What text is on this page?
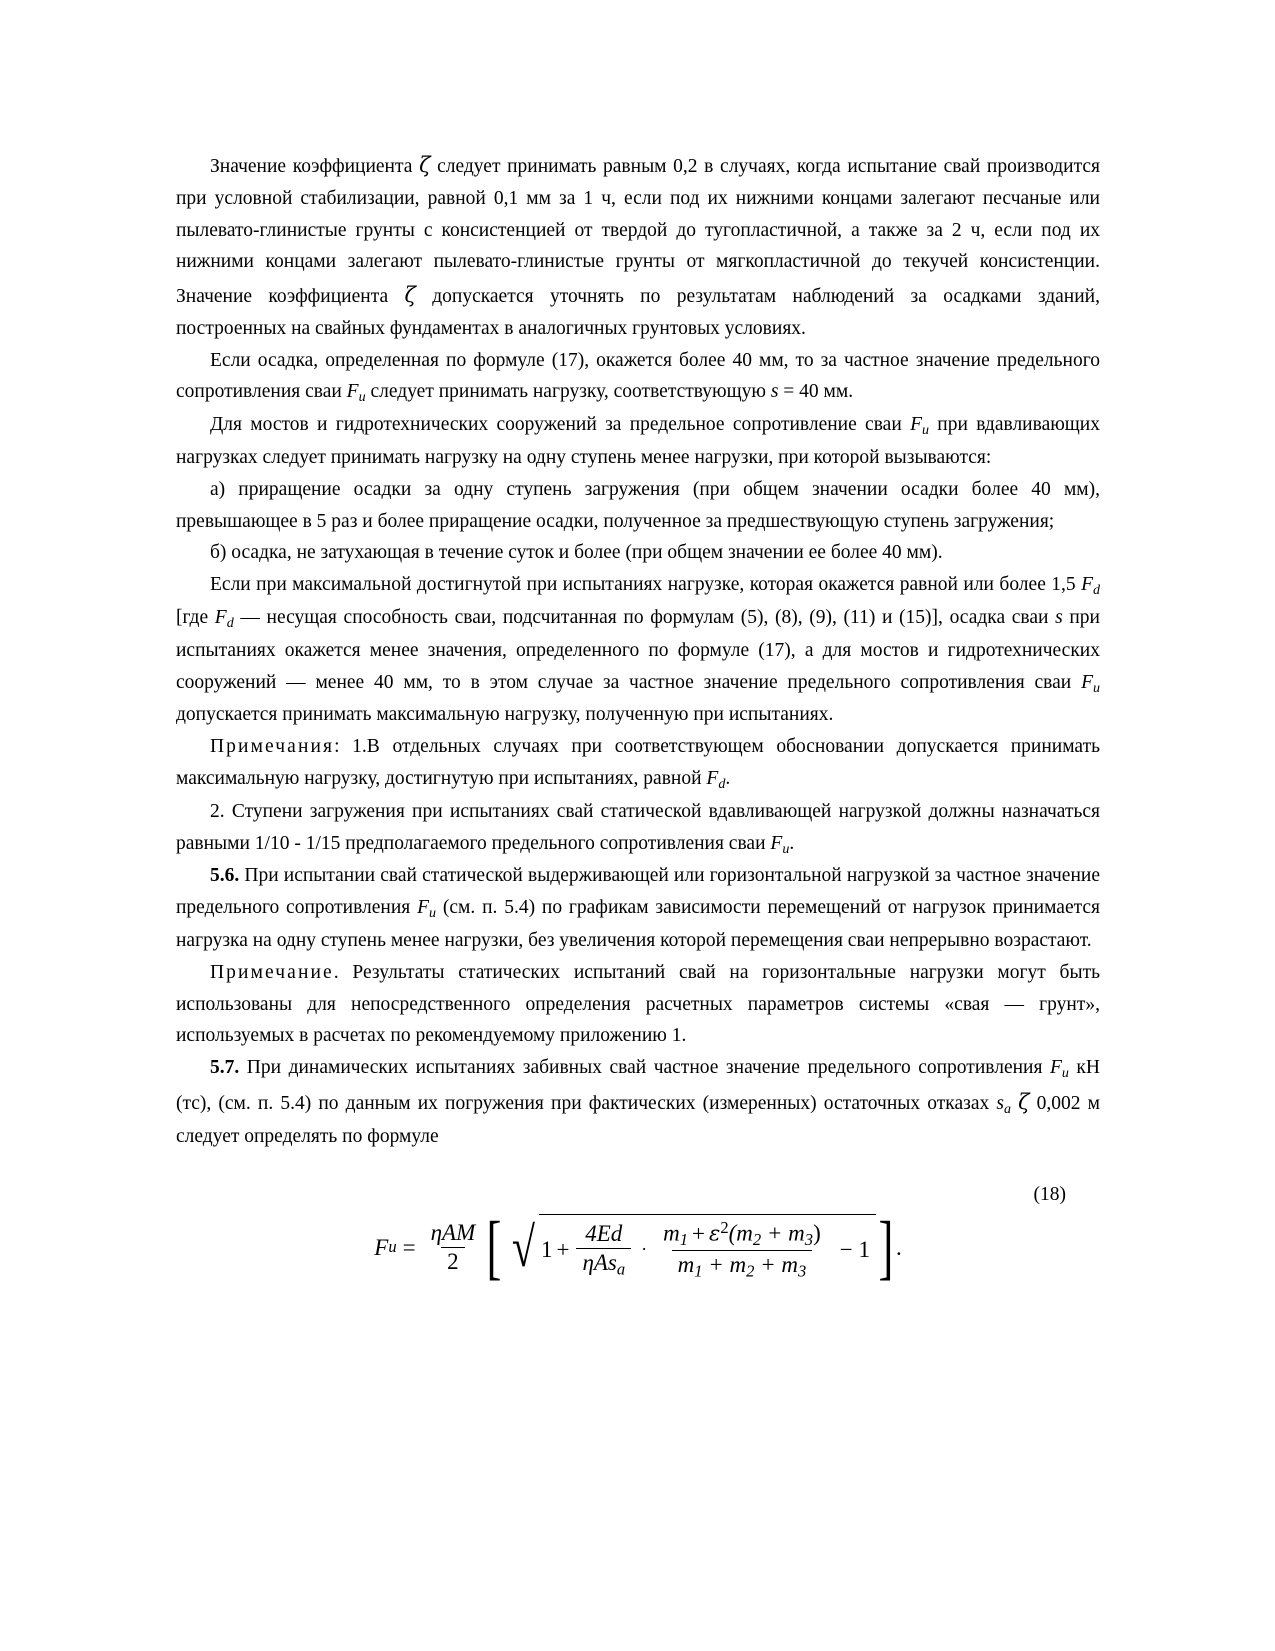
Значение коэффициента ζ следует принимать равным 0,2 в случаях, когда испытание свай производится при условной стабилизации, равной 0,1 мм за 1 ч, если под их нижними концами залегают песчаные или пылевато-глинистые грунты с консистенцией от твердой до тугопластичной, а также за 2 ч, если под их нижними концами залегают пылевато-глинистые грунты от мягкопластичной до текучей консистенции. Значение коэффициента ζ допускается уточнять по результатам наблюдений за осадками зданий, построенных на свайных фундаментах в аналогичных грунтовых условиях.

Если осадка, определенная по формуле (17), окажется более 40 мм, то за частное значение предельного сопротивления сваи $F_u$ следует принимать нагрузку, соответствующую s = 40 мм.

Для мостов и гидротехнических сооружений за предельное сопротивление сваи $F_u$ при вдавливающих нагрузках следует принимать нагрузку на одну ступень менее нагрузки, при которой вызываются:

а) приращение осадки за одну ступень загружения (при общем значении осадки более 40 мм), превышающее в 5 раз и более приращение осадки, полученное за предшествующую ступень загружения;

б) осадка, не затухающая в течение суток и более (при общем значении ее более 40 мм).

Если при максимальной достигнутой при испытаниях нагрузке, которая окажется равной или более 1,5 $F_d$ [где $F_d$ — несущая способность сваи, подсчитанная по формулам (5), (8), (9), (11) и (15)], осадка сваи s при испытаниях окажется менее значения, определенного по формуле (17), а для мостов и гидротехнических сооружений — менее 40 мм, то в этом случае за частное значение предельного сопротивления сваи $F_u$ допускается принимать максимальную нагрузку, полученную при испытаниях.

Примечания: 1.В отдельных случаях при соответствующем обосновании допускается принимать максимальную нагрузку, достигнутую при испытаниях, равной $F_d$.

2. Ступени загружения при испытаниях свай статической вдавливающей нагрузкой должны назначаться равными 1/10 - 1/15 предполагаемого предельного сопротивления сваи $F_u$.

5.6. При испытании свай статической выдерживающей или горизонтальной нагрузкой за частное значение предельного сопротивления $F_u$ (см. п. 5.4) по графикам зависимости перемещений от нагрузок принимается нагрузка на одну ступень менее нагрузки, без увеличения которой перемещения сваи непрерывно возрастают.

Примечание. Результаты статических испытаний свай на горизонтальные нагрузки могут быть использованы для непосредственного определения расчетных параметров системы «свая — грунт», используемых в расчетах по рекомендуемому приложению 1.

5.7. При динамических испытаниях забивных свай частное значение предельного сопротивления $F_u$ кН (тс), (см. п. 5.4) по данным их погружения при фактических (измеренных) остаточных отказах $s_a$ ζ 0,002 м следует определять по формуле

(18)
F $u = \frac{\text{ηAM}}{2}$ [ √ $1 + \frac{4Ed}{\eta As_a} \cdot \frac{m_1 + \varepsilon^2(m_2 + m_3)}{m_1 + m_2 + m_3} - 1$ ] .
